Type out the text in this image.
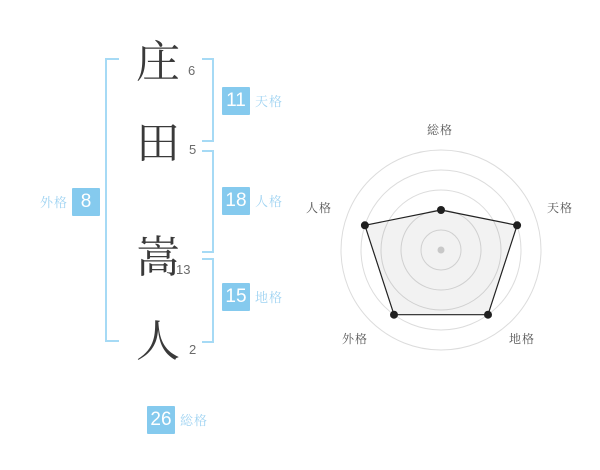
庄
田
嵩
人
6
5
13
2
11 天格
18 人格
15 地格
外格 8
26 総格
総格
天格
地格
外格
人格
